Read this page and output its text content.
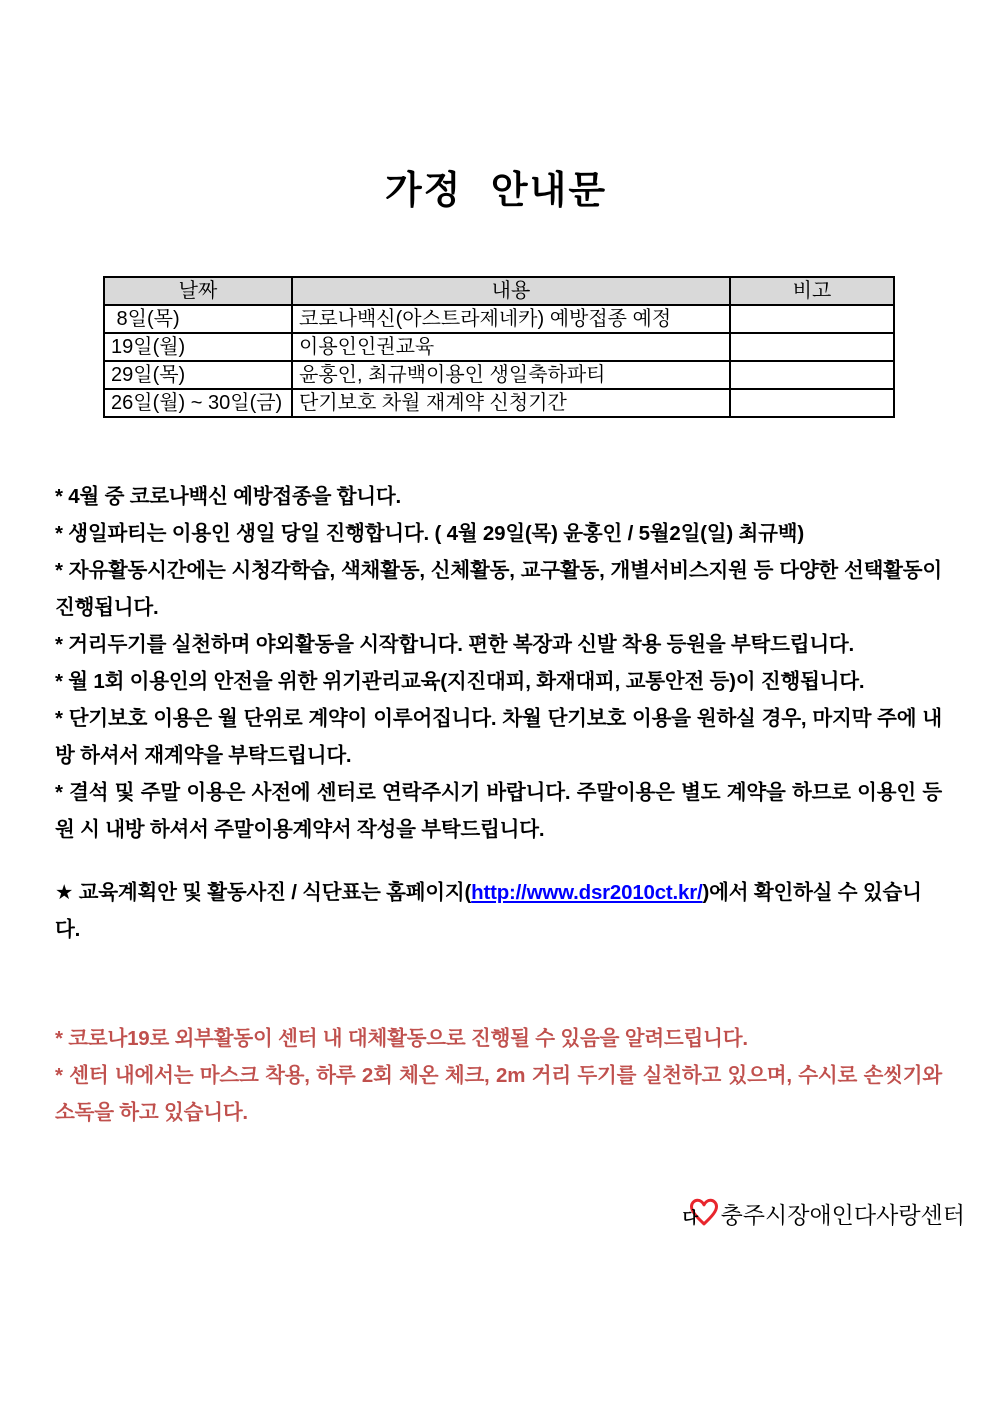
가정 안내문
날짜	내용	비고
8일(목)	코로나백신(아스트라제네카) 예방접종 예정	
19일(월)	이용인인권교육	
29일(목)	윤홍인, 최규백이용인 생일축하파티	
26일(월) ~ 30일(금)	단기보호 차월 재계약 신청기간	

* 4월 중 코로나백신 예방접종을 합니다.

* 생일파티는 이용인 생일 당일 진행합니다. ( 4월 29일(목) 윤홍인 / 5월2일(일) 최규백)

* 자유활동시간에는 시청각학습, 색채활동, 신체활동, 교구활동, 개별서비스지원 등 다양한 선택활동이 진행됩니다.

* 거리두기를 실천하며 야외활동을 시작합니다. 편한 복장과 신발 착용 등원을 부탁드립니다.

* 월 1회 이용인의 안전을 위한 위기관리교육(지진대피, 화재대피, 교통안전 등)이 진행됩니다.

* 단기보호 이용은 월 단위로 계약이 이루어집니다. 차월 단기보호 이용을 원하실 경우, 마지막 주에 내방 하셔서 재계약을 부탁드립니다.

* 결석 및 주말 이용은 사전에 센터로 연락주시기 바랍니다. 주말이용은 별도 계약을 하므로 이용인 등원 시 내방 하셔서 주말이용계약서 작성을 부탁드립니다.

★ 교육계획안 및 활동사진 / 식단표는 홈페이지(http://www.dsr2010ct.kr/)에서 확인하실 수 있습니다.

* 코로나19로 외부활동이 센터 내 대체활동으로 진행될 수 있음을 알려드립니다.

* 센터 내에서는 마스크 착용, 하루 2회 체온 체크, 2m 거리 두기를 실천하고 있으며, 수시로 손씻기와 소독을 하고 있습니다.

다 충주시장애인다사랑센터
